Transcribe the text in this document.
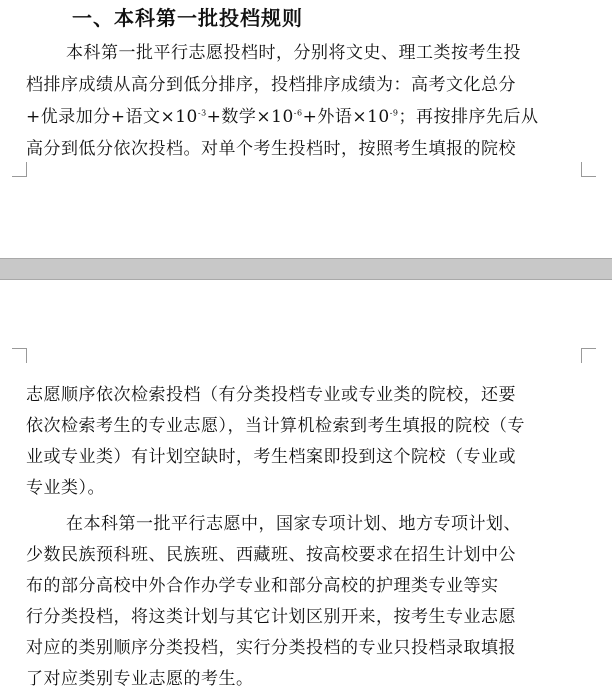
一、本科第一批投档规则
本科第一批平行志愿投档时，分别将文史、理工类按考生投
档排序成绩从高分到低分排序，投档排序成绩为：高考文化总分
+优录加分+语文$\times 10^{-3}+$数学$\times 10^{-6}+$外语$\times 10^{-9}$；再按排序先后从
高分到低分依次投档。对单个考生投档时，按照考生填报的院校
志愿顺序依次检索投档（有分类投档专业或专业类的院校，还要
依次检索考生的专业志愿），当计算机检索到考生填报的院校（专
业或专业类）有计划空缺时，考生档案即投到这个院校（专业或
专业类）。
在本科第一批平行志愿中，国家专项计划、地方专项计划、
少数民族预科班、民族班、西藏班、按高校要求在招生计划中公
布的部分高校中外合作办学专业和部分高校的护理类专业等实
行分类投档，将这类计划与其它计划区别开来，按考生专业志愿
对应的类别顺序分类投档，实行分类投档的专业只投档录取填报
了对应类别专业志愿的考生。
